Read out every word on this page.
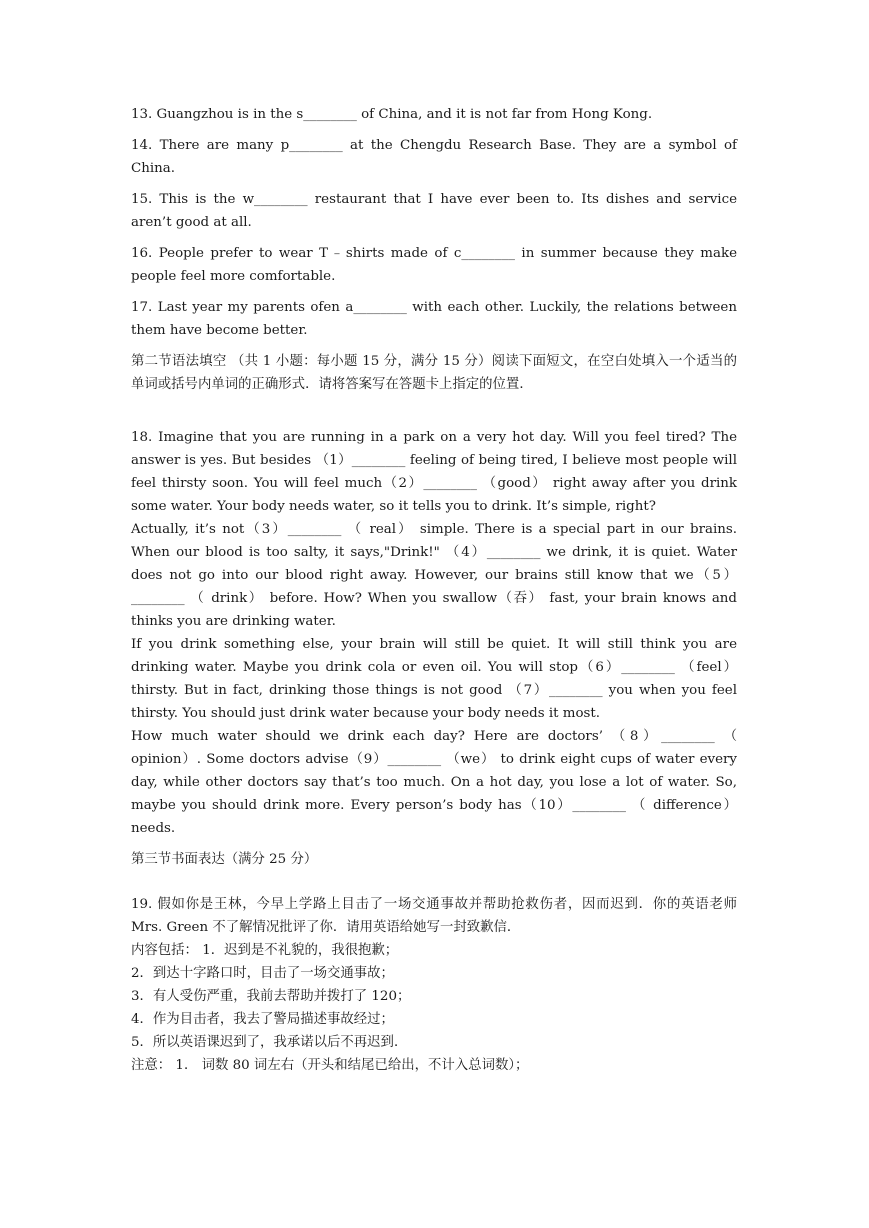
13. Guangzhou is in the s________ of China, and it is not far from Hong Kong.

14. There are many p________ at the Chengdu Research Base. They are a symbol of China.

15. This is the w________ restaurant that I have ever been to. Its dishes and service aren’t good at all.

16. People prefer to wear T﹣shirts made of c________ in summer because they make people feel more comfortable.

17. Last year my parents ofen a________ with each other. Luckily, the relations between them have become better.

第二节语法填空 （共 1 小题：每小题 15 分，满分 15 分）阅读下面短文，在空白处填入一个适当的单词或括号内单词的正确形式．请将答案写在答题卡上指定的位置．

18. Imagine that you are running in a park on a very hot day. Will you feel tired? The answer is yes. But besides （1）________ feeling of being tired, I believe most people will feel thirsty soon. You will feel much（2）________ （good） right away after you drink some water. Your body needs water, so it tells you to drink. It’s simple, right?

Actually, it’s not（3）________ （ real） simple. There is a special part in our brains. When our blood is too salty, it says,"Drink!" （4）________ we drink, it is quiet. Water does not go into our blood right away. However, our brains still know that we（5）________ （ drink） before. How? When you swallow（吞） fast, your brain knows and thinks you are drinking water.

If you drink something else, your brain will still be quiet. It will still think you are drinking water. Maybe you drink cola or even oil. You will stop（6）________ （feel） thirsty. But in fact, drinking those things is not good （7）________ you when you feel thirsty. You should just drink water because your body needs it most.

How much water should we drink each day? Here are doctors’ （8）________ （ opinion）. Some doctors advise（9）________ （we） to drink eight cups of water every day, while other doctors say that’s too much. On a hot day, you lose a lot of water. So, maybe you should drink more. Every person’s body has（10）________ （ difference） needs.

第三节书面表达（满分 25 分）

19. 假如你是王林，今早上学路上目击了一场交通事故并帮助抢救伤者，因而迟到．你的英语老师 Mrs. Green 不了解情况批评了你．请用英语给她写一封致歉信．

内容包括： 1．迟到是不礼貌的，我很抱歉；
2．到达十字路口时，目击了一场交通事故；
3．有人受伤严重，我前去帮助并拨打了 120；
4．作为目击者，我去了警局描述事故经过；
5．所以英语课迟到了，我承诺以后不再迟到．
注意： 1． 词数 80 词左右（开头和结尾已给出，不计入总词数）；
